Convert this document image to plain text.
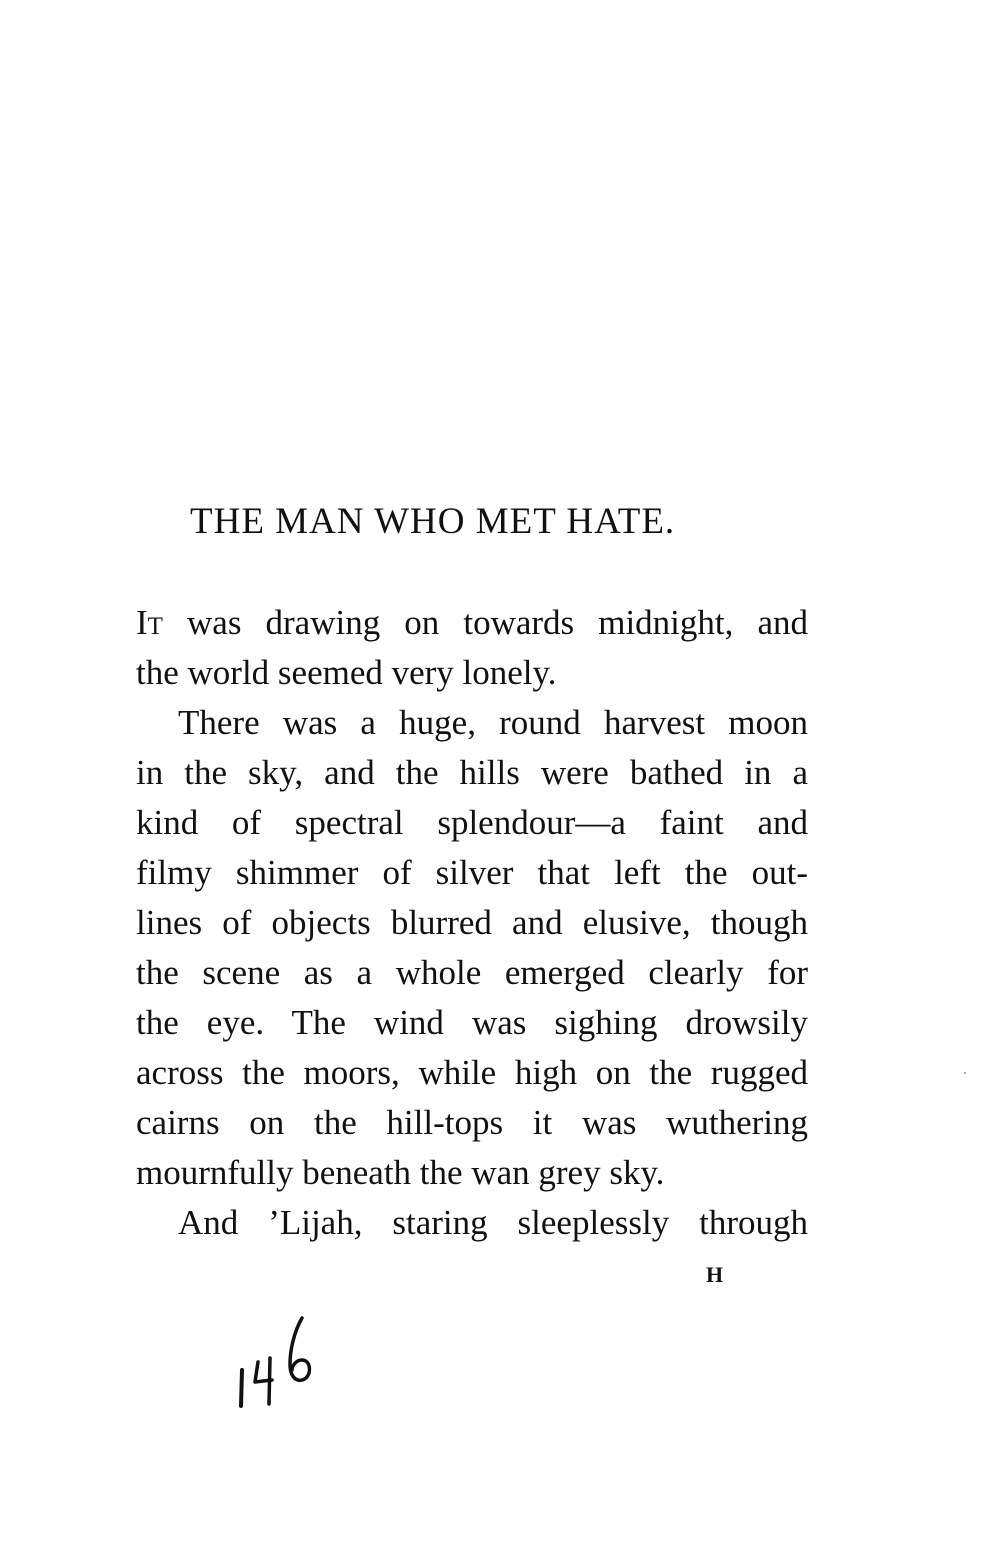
THE MAN WHO MET HATE.
It was drawing on towards midnight, and
the world seemed very lonely.
There was a huge, round harvest moon
in the sky, and the hills were bathed in a
kind of spectral splendour—a faint and
filmy shimmer of silver that left the out-
lines of objects blurred and elusive, though
the scene as a whole emerged clearly for
the eye. The wind was sighing drowsily
across the moors, while high on the rugged
cairns on the hill-tops it was wuthering
mournfully beneath the wan grey sky.
And ’Lijah, staring sleeplessly through
H
